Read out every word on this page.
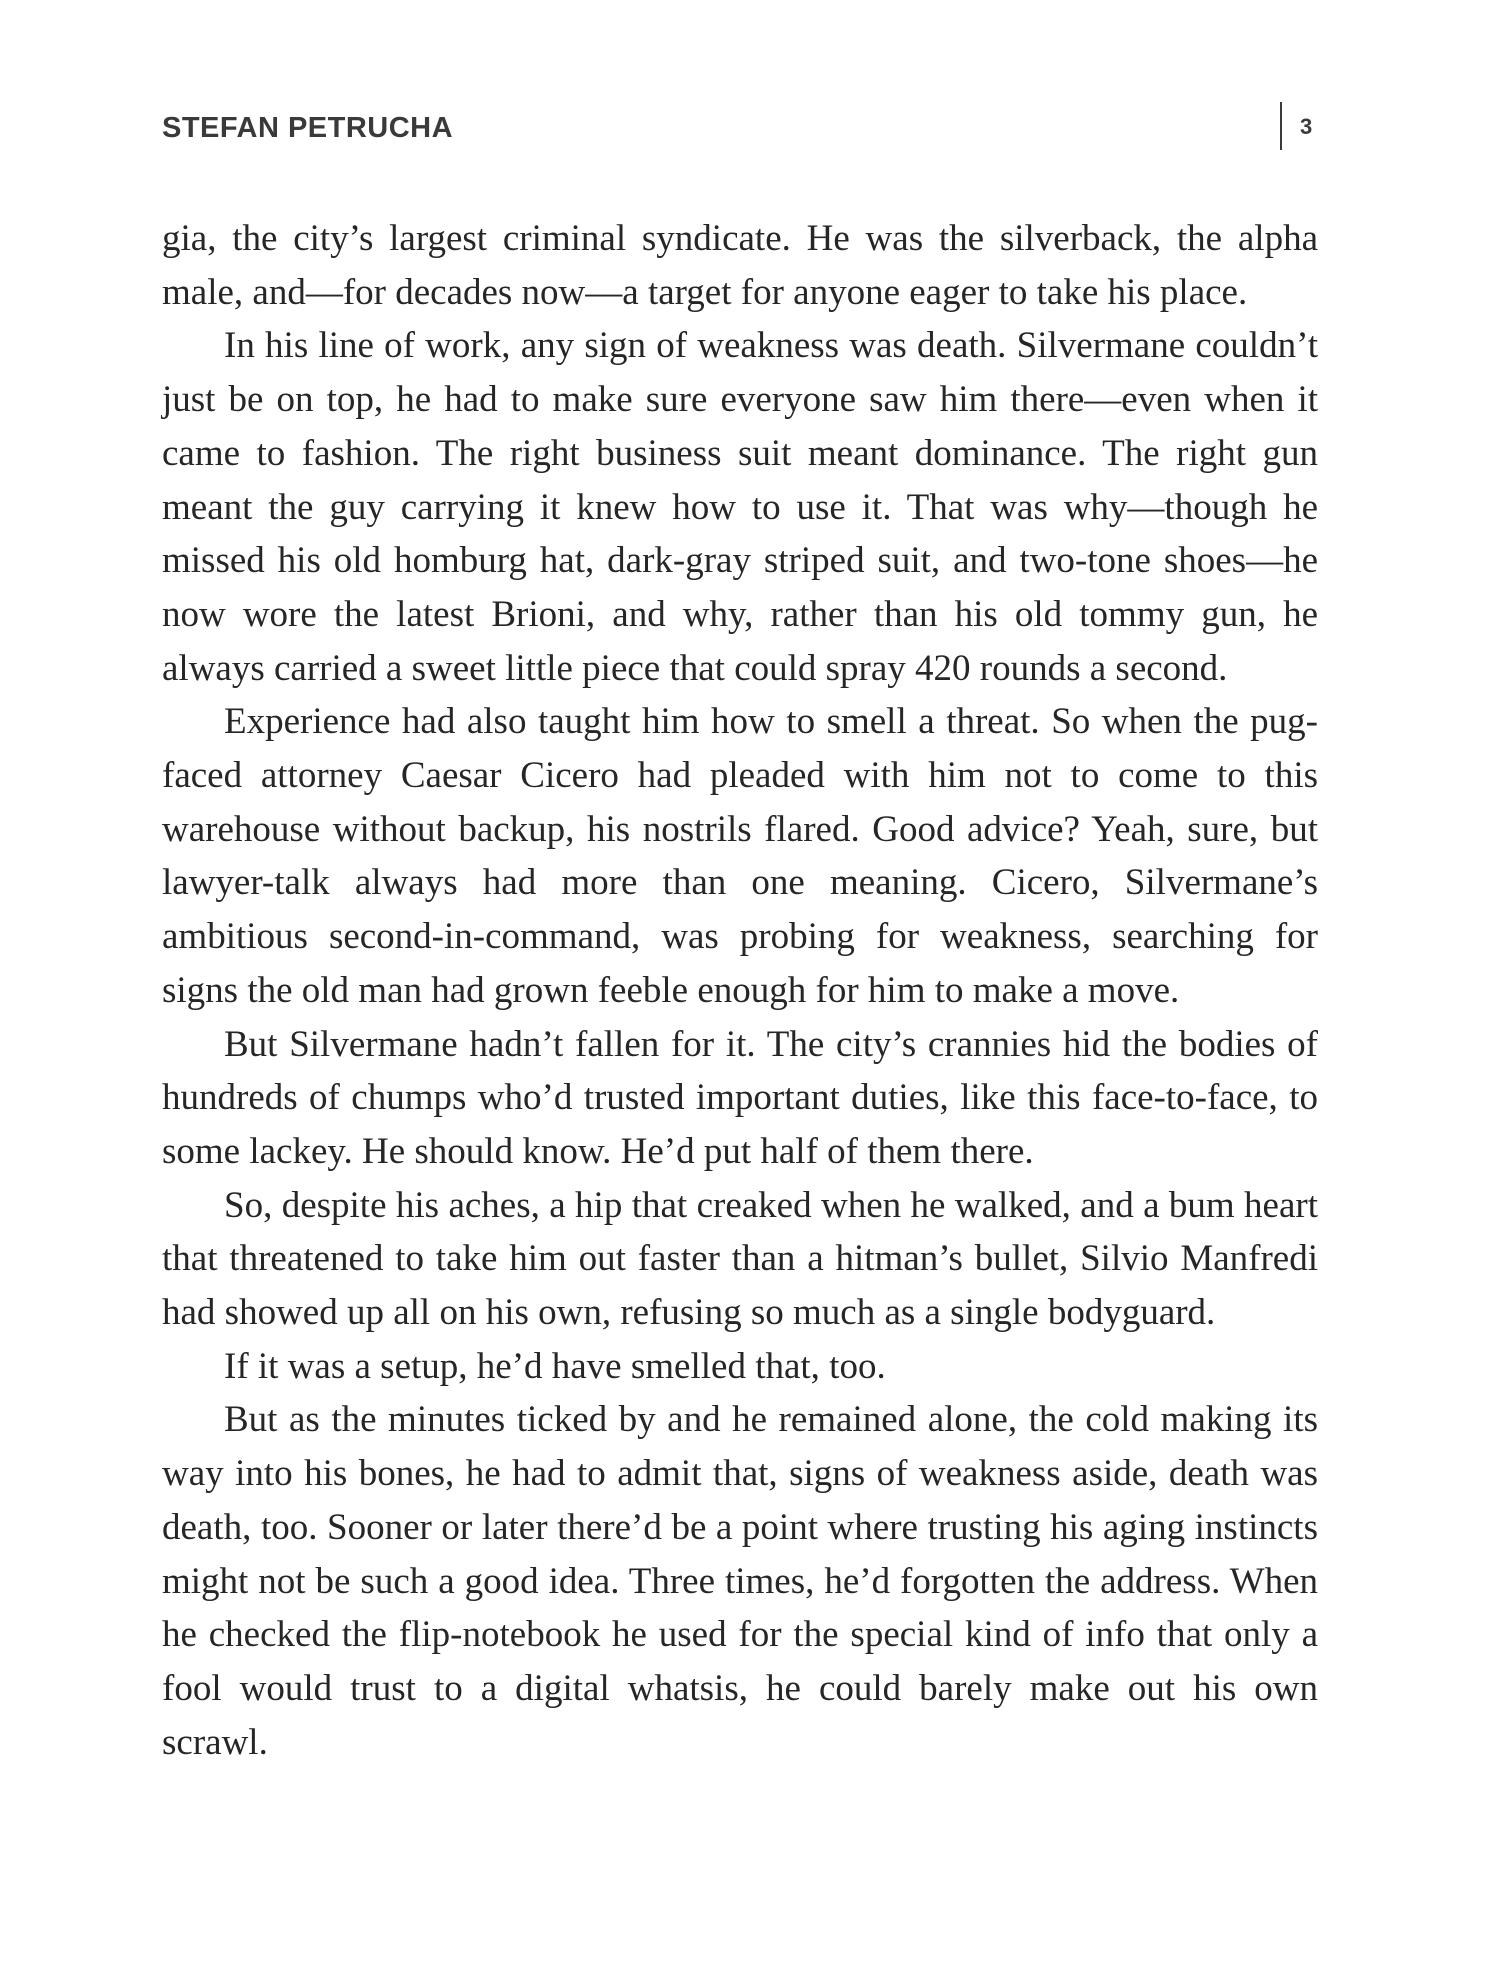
STEFAN PETRUCHA	3

gia, the city’s largest criminal syndicate. He was the silverback, the alpha male, and—for decades now—a target for anyone eager to take his place.

In his line of work, any sign of weakness was death. Silvermane couldn’t just be on top, he had to make sure everyone saw him there—even when it came to fashion. The right business suit meant dominance. The right gun meant the guy carrying it knew how to use it. That was why—though he missed his old homburg hat, dark-gray striped suit, and two-tone shoes—he now wore the latest Brioni, and why, rather than his old tommy gun, he always carried a sweet little piece that could spray 420 rounds a second.

Experience had also taught him how to smell a threat. So when the pug-faced attorney Caesar Cicero had pleaded with him not to come to this warehouse without backup, his nostrils flared. Good advice? Yeah, sure, but lawyer-talk always had more than one meaning. Cicero, Silvermane’s ambitious second-in-command, was probing for weakness, searching for signs the old man had grown feeble enough for him to make a move.

But Silvermane hadn’t fallen for it. The city’s crannies hid the bodies of hundreds of chumps who’d trusted important duties, like this face-to-face, to some lackey. He should know. He’d put half of them there.

So, despite his aches, a hip that creaked when he walked, and a bum heart that threatened to take him out faster than a hitman’s bullet, Silvio Manfredi had showed up all on his own, refusing so much as a single bodyguard.

If it was a setup, he’d have smelled that, too.

But as the minutes ticked by and he remained alone, the cold making its way into his bones, he had to admit that, signs of weakness aside, death was death, too. Sooner or later there’d be a point where trusting his aging instincts might not be such a good idea. Three times, he’d forgotten the address. When he checked the flip-notebook he used for the special kind of info that only a fool would trust to a digital whatsis, he could barely make out his own scrawl.
